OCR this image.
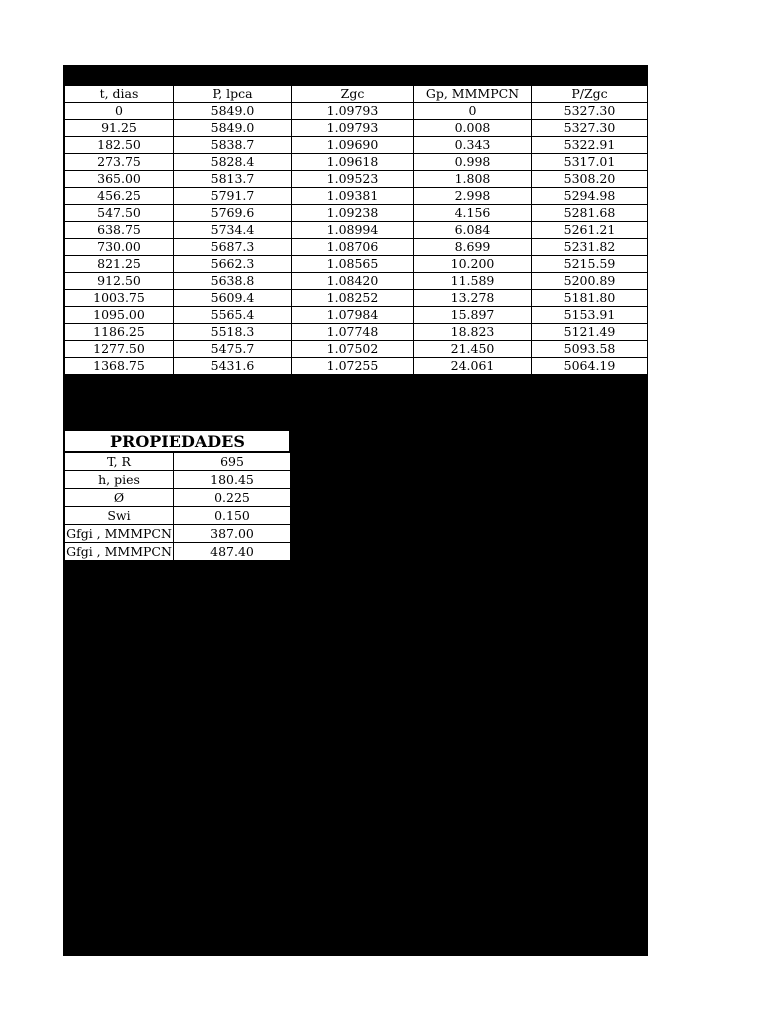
t, dias	P, lpca	Zgc	Gp, MMMPCN	P/Zgc
0	5849.0	1.09793	0	5327.30
91.25	5849.0	1.09793	0.008	5327.30
182.50	5838.7	1.09690	0.343	5322.91
273.75	5828.4	1.09618	0.998	5317.01
365.00	5813.7	1.09523	1.808	5308.20
456.25	5791.7	1.09381	2.998	5294.98
547.50	5769.6	1.09238	4.156	5281.68
638.75	5734.4	1.08994	6.084	5261.21
730.00	5687.3	1.08706	8.699	5231.82
821.25	5662.3	1.08565	10.200	5215.59
912.50	5638.8	1.08420	11.589	5200.89
1003.75	5609.4	1.08252	13.278	5181.80
1095.00	5565.4	1.07984	15.897	5153.91
1186.25	5518.3	1.07748	18.823	5121.49
1277.50	5475.7	1.07502	21.450	5093.58
1368.75	5431.6	1.07255	24.061	5064.19
PROPIEDADES
T, R	695
h, pies	180.45
Ø	0.225
Swi	0.150
Gfgi , MMMPCN	387.00
Gfgi , MMMPCN	487.40
